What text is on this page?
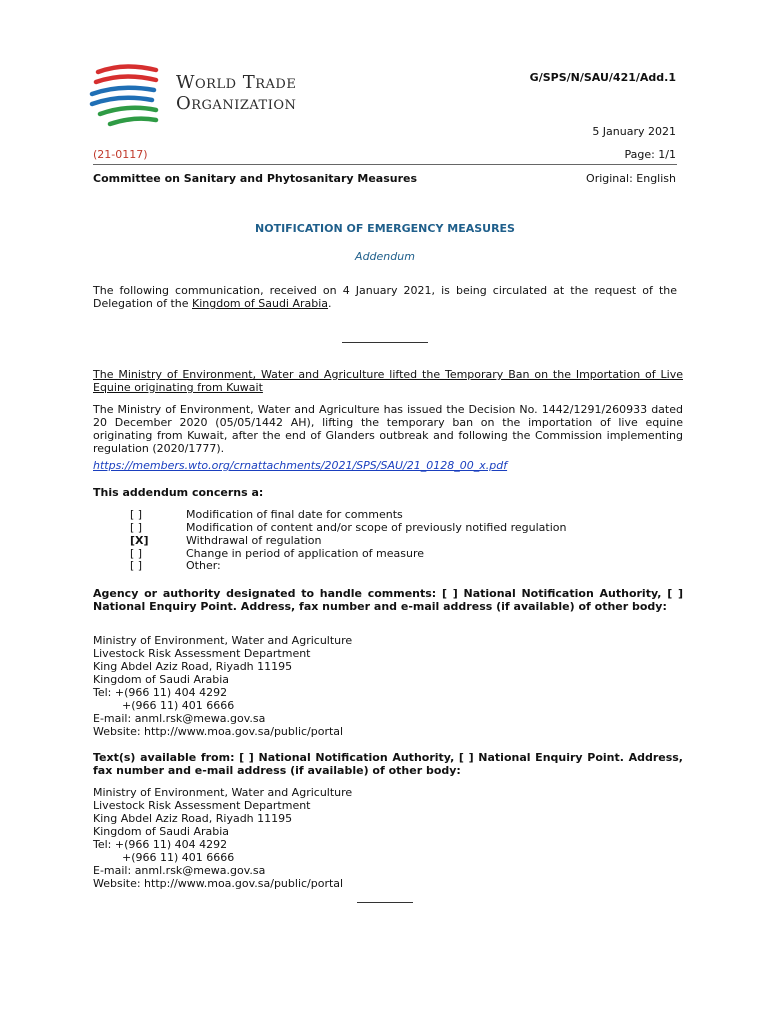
World Trade
Organization
G/SPS/N/SAU/421/Add.1
5 January 2021
(21-0117)	Page: 1/1
Committee on Sanitary and Phytosanitary Measures	Original: English
NOTIFICATION OF EMERGENCY MEASURES
Addendum
The following communication, received on 4 January 2021, is being circulated at the request of the Delegation of the Kingdom of Saudi Arabia.
The Ministry of Environment, Water and Agriculture lifted the Temporary Ban on the Importation of Live Equine originating from Kuwait
The Ministry of Environment, Water and Agriculture has issued the Decision No. 1442/1291/260933 dated 20 December 2020 (05/05/1442 AH), lifting the temporary ban on the importation of live equine originating from Kuwait, after the end of Glanders outbreak and following the Commission implementing regulation (2020/1777).
https://members.wto.org/crnattachments/2021/SPS/SAU/21_0128_00_x.pdf
This addendum concerns a:
[ ]	Modification of final date for comments
[ ]	Modification of content and/or scope of previously notified regulation
[X]	Withdrawal of regulation
[ ]	Change in period of application of measure
[ ]	Other:
Agency or authority designated to handle comments: [ ] National Notification Authority, [ ] National Enquiry Point. Address, fax number and e-mail address (if available) of other body:
Ministry of Environment, Water and Agriculture
Livestock Risk Assessment Department
King Abdel Aziz Road, Riyadh 11195
Kingdom of Saudi Arabia
Tel: +(966 11) 404 4292
+(966 11) 401 6666
E-mail: anml.rsk@mewa.gov.sa
Website: http://www.moa.gov.sa/public/portal
Text(s) available from: [ ] National Notification Authority, [ ] National Enquiry Point. Address, fax number and e-mail address (if available) of other body:
Ministry of Environment, Water and Agriculture
Livestock Risk Assessment Department
King Abdel Aziz Road, Riyadh 11195
Kingdom of Saudi Arabia
Tel: +(966 11) 404 4292
+(966 11) 401 6666
E-mail: anml.rsk@mewa.gov.sa
Website: http://www.moa.gov.sa/public/portal
